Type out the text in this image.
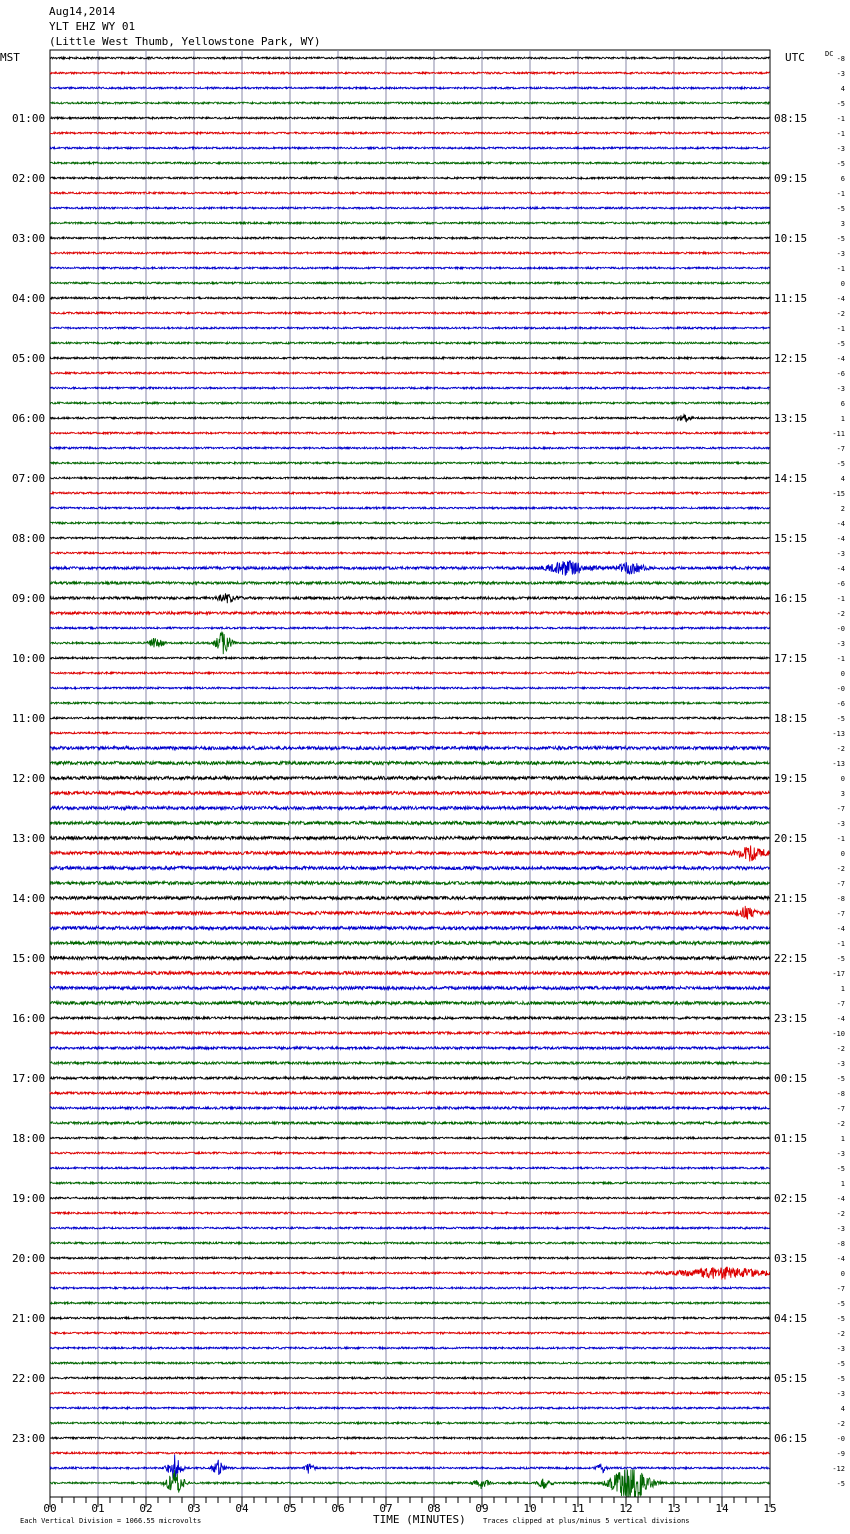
Aug14,2014
YLT EHZ WY 01
(Little West Thumb, Yellowstone Park, WY)
01:00
02:00
03:00
04:00
05:00
06:00
07:00
08:00
09:00
10:00
11:00
12:00
13:00
14:00
15:00
16:00
17:00
18:00
19:00
20:00
21:00
22:00
23:00
08:15
09:15
10:15
11:15
12:15
13:15
14:15
15:15
16:15
17:15
18:15
19:15
20:15
21:15
22:15
23:15
00:15
01:15
02:15
03:15
04:15
05:15
06:15
-8
-3
4
-5
-1
-1
-3
-5
6
-1
-5
3
-5
-3
-1
0
-4
-2
-1
-5
-4
-6
-3
6
1
-11
-7
-5
4
-15
2
-4
-4
-3
-4
-6
-1
-2
-0
-3
-1
0
-0
-6
-5
-13
-2
-13
0
3
-7
-3
-1
0
-2
-7
-8
-7
-4
-1
-5
-17
1
-7
-4
-10
-2
-3
-5
-8
-7
-2
1
-3
-5
1
-4
-2
-3
-8
-4
0
-7
-5
-5
-2
-3
-5
-5
-3
4
-2
-0
-9
-12
-5
00	01	02	03	04	05	06	07	08	09	10	11	12	13	14	15
MST	UTC	DC
TIME (MINUTES)
Each Vertical Division = 1066.55 microvolts	Traces clipped at plus/minus 5 vertical divisions
